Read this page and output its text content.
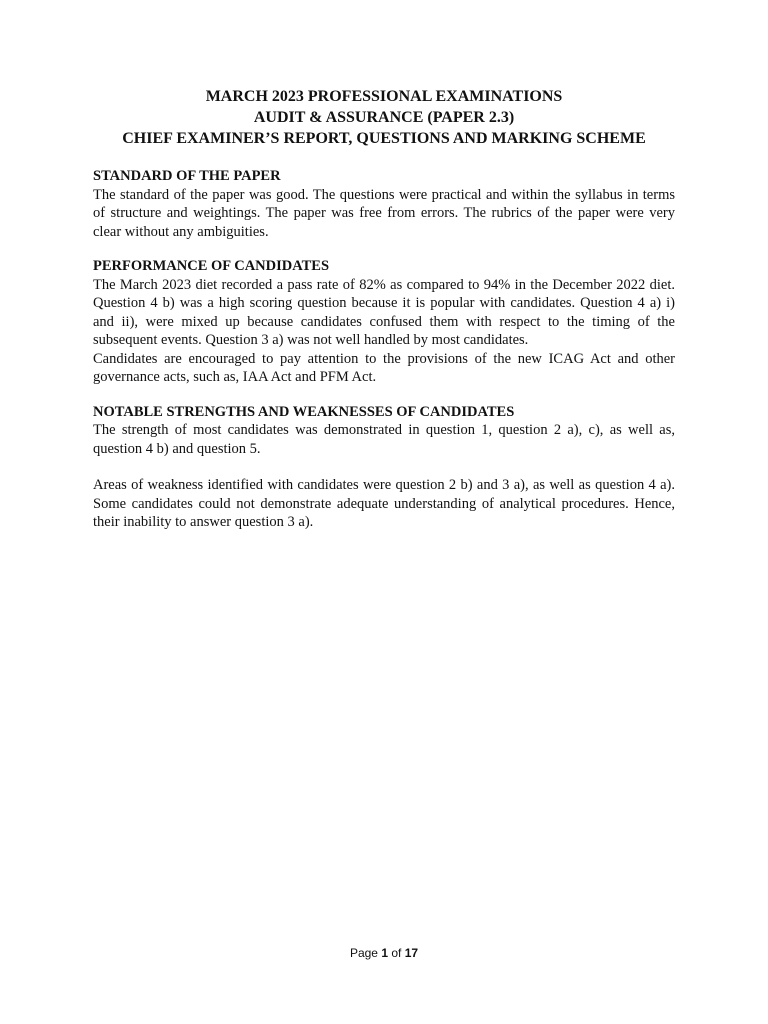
MARCH 2023 PROFESSIONAL EXAMINATIONS
AUDIT & ASSURANCE (PAPER 2.3)
CHIEF EXAMINER’S REPORT, QUESTIONS AND MARKING SCHEME
STANDARD OF THE PAPER

The standard of the paper was good. The questions were practical and within the syllabus in terms of structure and weightings. The paper was free from errors. The rubrics of the paper were very clear without any ambiguities.

PERFORMANCE OF CANDIDATES

The March 2023 diet recorded a pass rate of 82% as compared to 94% in the December 2022 diet. Question 4 b) was a high scoring question because it is popular with candidates. Question 4 a) i) and ii), were mixed up because candidates confused them with respect to the timing of the subsequent events. Question 3 a) was not well handled by most candidates.

Candidates are encouraged to pay attention to the provisions of the new ICAG Act and other governance acts, such as, IAA Act and PFM Act.

NOTABLE STRENGTHS AND WEAKNESSES OF CANDIDATES

The strength of most candidates was demonstrated in question 1, question 2 a), c), as well as, question 4 b) and question 5.

Areas of weakness identified with candidates were question 2 b) and 3 a), as well as question 4 a). Some candidates could not demonstrate adequate understanding of analytical procedures. Hence, their inability to answer question 3 a).

Page 1 of 17
